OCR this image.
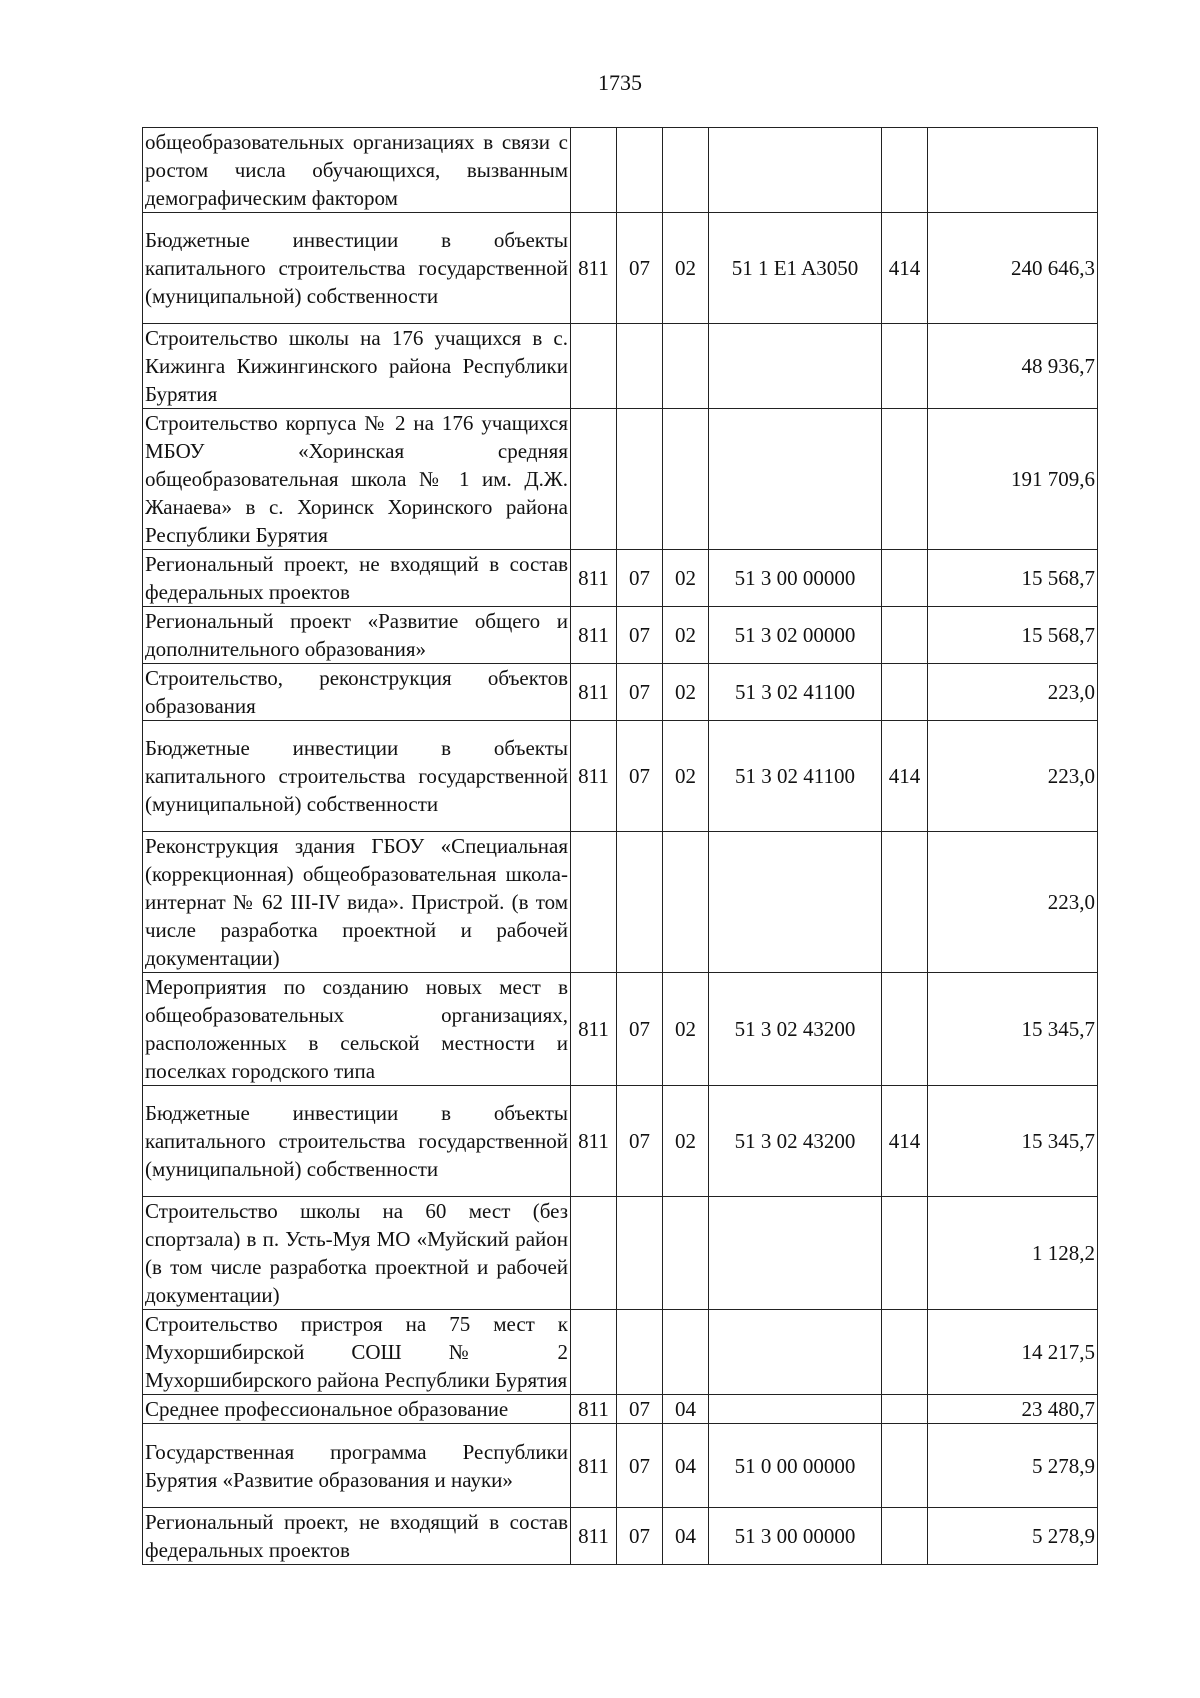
1735
общеобразовательных организациях в связи с ростом числа обучающихся, вызванным демографическим фактором						
Бюджетные инвестиции в объекты капитального строительства государственной (муниципальной) собственности	811	07	02	51 1 E1 A3050	414	240 646,3
Строительство школы на 176 учащихся в с. Кижинга Кижингинского района Республики Бурятия						48 936,7
Строительство корпуса № 2 на 176 учащихся МБОУ «Хоринская средняя общеобразовательная школа № 1 им. Д.Ж. Жанаева» в с. Хоринск Хоринского района Республики Бурятия						191 709,6
Региональный проект, не входящий в состав федеральных проектов	811	07	02	51 3 00 00000		15 568,7
Региональный проект «Развитие общего и дополнительного образования»	811	07	02	51 3 02 00000		15 568,7
Строительство, реконструкция объектов образования	811	07	02	51 3 02 41100		223,0
Бюджетные инвестиции в объекты капитального строительства государственной (муниципальной) собственности	811	07	02	51 3 02 41100	414	223,0
Реконструкция здания ГБОУ «Специальная (коррекционная) общеобразовательная школа-интернат № 62 III-IV вида». Пристрой. (в том числе разработка проектной и рабочей документации)						223,0
Мероприятия по созданию новых мест в общеобразовательных организациях, расположенных в сельской местности и поселках городского типа	811	07	02	51 3 02 43200		15 345,7
Бюджетные инвестиции в объекты капитального строительства государственной (муниципальной) собственности	811	07	02	51 3 02 43200	414	15 345,7
Строительство школы на 60 мест (без спортзала) в п. Усть-Муя МО «Муйский район (в том числе разработка проектной и рабочей документации)						1 128,2
Строительство пристроя на 75 мест к Мухоршибирской СОШ № 2 Мухоршибирского района Республики Бурятия						14 217,5
Среднее профессиональное образование	811	07	04			23 480,7
Государственная программа Республики Бурятия «Развитие образования и науки»	811	07	04	51 0 00 00000		5 278,9
Региональный проект, не входящий в состав федеральных проектов	811	07	04	51 3 00 00000		5 278,9
